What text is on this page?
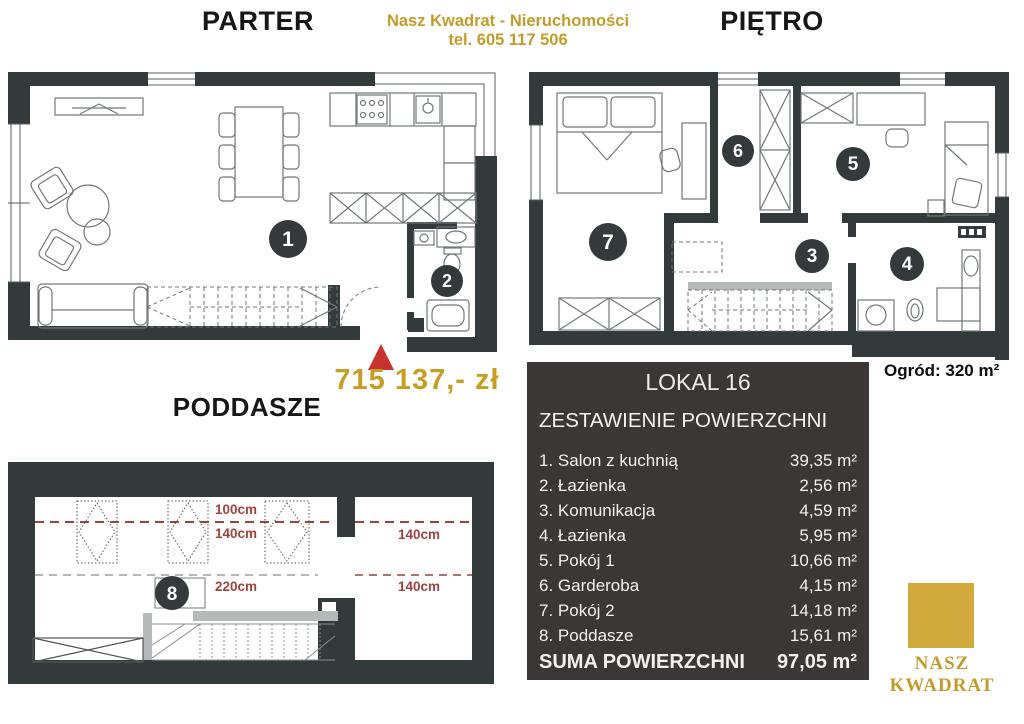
PARTER	Nasz Kwadrat - Nieruchomości
tel. 605 117 506
PIĘTRO
1
2
7
6
5
3	4
715 137,- zł
PODDASZE
100cm
140cm
220cm
140cm
140cm
8
LOKAL 16
ZESTAWIENIE POWIERZCHNI
1. Salon z kuchnią	39,35 m²
2. Łazienka	2,56 m²
3. Komunikacja	4,59 m²
4. Łazienka	5,95 m²
5. Pokój 1	10,66 m²
6. Garderoba	4,15 m²
7. Pokój 2	14,18 m²
8. Poddasze	15,61 m²
SUMA POWIERZCHNI 97,05 m²
Ogród: 320 m²
NASZ KWADRAT
